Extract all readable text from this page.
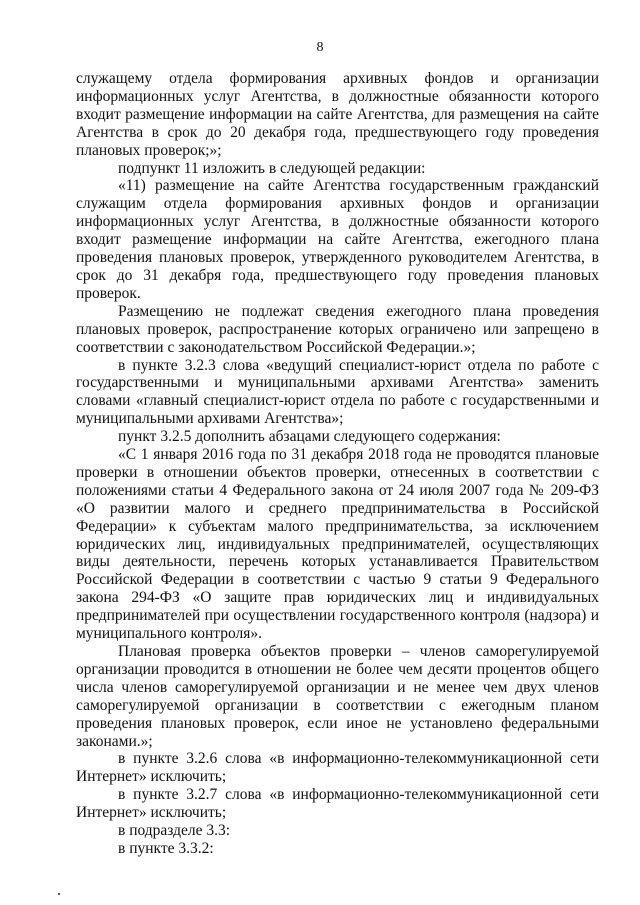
8

служащему отдела формирования архивных фондов и организации информационных услуг Агентства, в должностные обязанности которого входит размещение информации на сайте Агентства, для размещения на сайте Агентства в срок до 20 декабря года, предшествующего году проведения плановых проверок;»;

подпункт 11 изложить в следующей редакции:

«11) размещение на сайте Агентства государственным гражданский служащим отдела формирования архивных фондов и организации информационных услуг Агентства, в должностные обязанности которого входит размещение информации на сайте Агентства, ежегодного плана проведения плановых проверок, утвержденного руководителем Агентства, в срок до 31 декабря года, предшествующего году проведения плановых проверок.

Размещению не подлежат сведения ежегодного плана проведения плановых проверок, распространение которых ограничено или запрещено в соответствии с законодательством Российской Федерации.»;

в пункте 3.2.3 слова «ведущий специалист-юрист отдела по работе с государственными и муниципальными архивами Агентства» заменить словами «главный специалист-юрист отдела по работе с государственными и муниципальными архивами Агентства»;

пункт 3.2.5 дополнить абзацами следующего содержания:

«С 1 января 2016 года по 31 декабря 2018 года не проводятся плановые проверки в отношении объектов проверки, отнесенных в соответствии с положениями статьи 4 Федерального закона от 24 июля 2007 года № 209-ФЗ «О развитии малого и среднего предпринимательства в Российской Федерации» к субъектам малого предпринимательства, за исключением юридических лиц, индивидуальных предпринимателей, осуществляющих виды деятельности, перечень которых устанавливается Правительством Российской Федерации в соответствии с частью 9 статьи 9 Федерального закона 294-ФЗ «О защите прав юридических лиц и индивидуальных предпринимателей при осуществлении государственного контроля (надзора) и муниципального контроля».

Плановая проверка объектов проверки – членов саморегулируемой организации проводится в отношении не более чем десяти процентов общего числа членов саморегулируемой организации и не менее чем двух членов саморегулируемой организации в соответствии с ежегодным планом проведения плановых проверок, если иное не установлено федеральными законами.»;

в пункте 3.2.6 слова «в информационно-телекоммуникационной сети Интернет» исключить;

в пункте 3.2.7 слова «в информационно-телекоммуникационной сети Интернет» исключить;

в подразделе 3.3:

в пункте 3.3.2:
